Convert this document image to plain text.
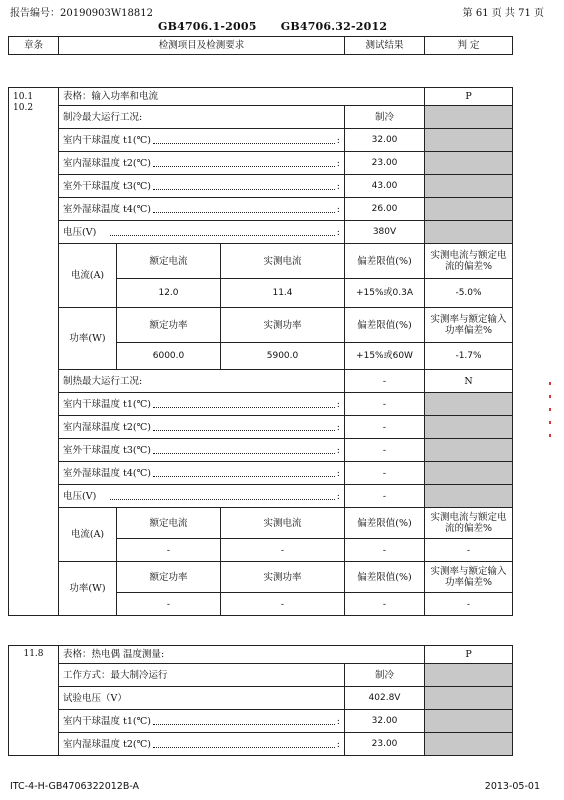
报告编号：20190903W18812	第 61 页 共 71 页
GB4706.1-2005      GB4706.32-2012
章条	检测项目及检测要求	测试结果	判 定
10.1 10.2	表格：输入功率和电流				P
	制冷最大运行工况:			制冷	

	室内干球温度 t1(℃) :			32.00	

	室内湿球温度 t2(℃) :			23.00	

	室外干球温度 t3(℃) :			43.00	

	室外湿球温度 t4(℃) :			26.00	

	电压(V) :			380V	
	电流(A)	额定电流	实测电流	偏差限值(%)	实测电流与额定电流的偏差%
		12.0	11.4	+15%或0.3A	-5.0%
	功率(W)	额定功率	实测功率	偏差限值(%)	实测率与额定输入功率偏差%
		6000.0	5900.0	+15%或60W	-1.7%
	制热最大运行工况:			-	N

	室内干球温度 t1(℃) :			-	

	室内湿球温度 t2(℃) :			-	

	室外干球温度 t3(℃) :			-	

	室外湿球温度 t4(℃) :			-	

	电压(V) :			-	
	电流(A)	额定电流	实测电流	偏差限值(%)	实测电流与额定电流的偏差%
		-	-	-	-
	功率(W)	额定功率	实测功率	偏差限值(%)	实测率与额定输入功率偏差%
		-	-	-	-
11.8	表格：热电偶 温度测量:		P
	工作方式：最大制冷运行	制冷	
	试验电压（V）	402.8V	

	室内干球温度 t1(℃) :	32.00	

	室内湿球温度 t2(℃) :	23.00	
ITC-4-H-GB4706322012B-A	2013-05-01
